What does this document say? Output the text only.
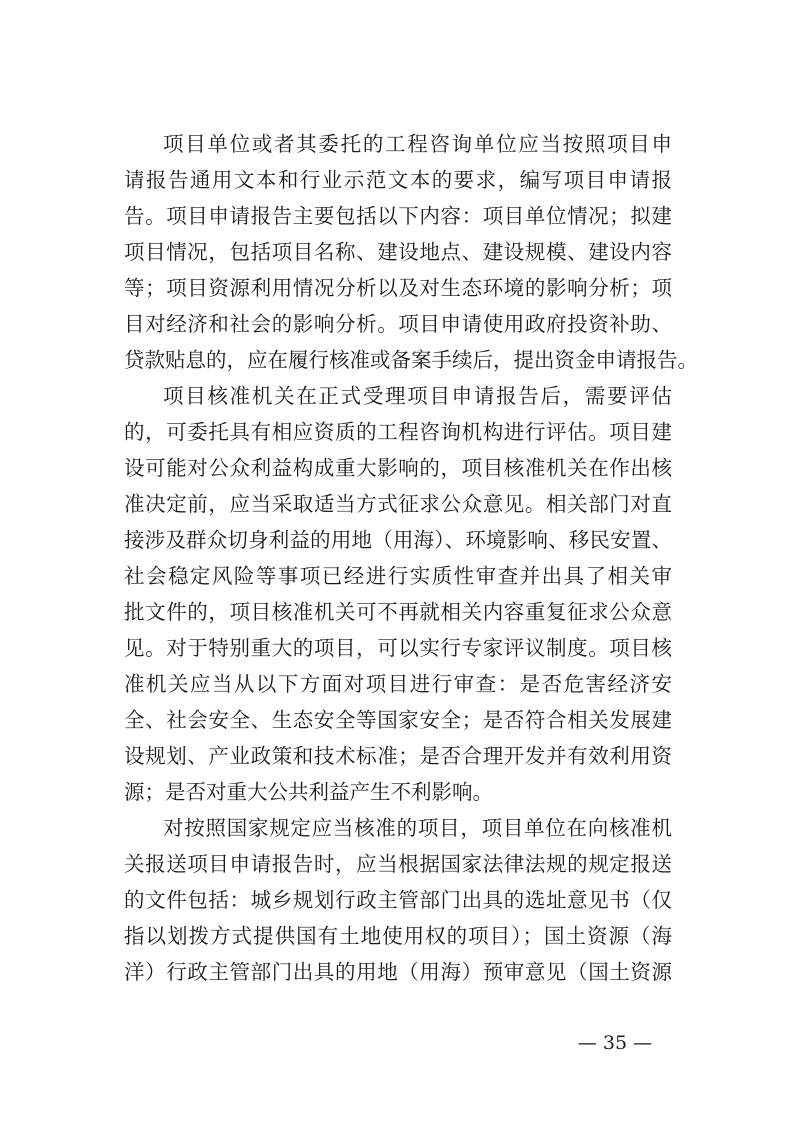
项目单位或者其委托的工程咨询单位应当按照项目申
请报告通用文本和行业示范文本的要求，编写项目申请报
告。项目申请报告主要包括以下内容：项目单位情况；拟建
项目情况，包括项目名称、建设地点、建设规模、建设内容
等；项目资源利用情况分析以及对生态环境的影响分析；项
目对经济和社会的影响分析。项目申请使用政府投资补助、
贷款贴息的，应在履行核准或备案手续后，提出资金申请报告。
项目核准机关在正式受理项目申请报告后，需要评估
的，可委托具有相应资质的工程咨询机构进行评估。项目建
设可能对公众利益构成重大影响的，项目核准机关在作出核
准决定前，应当采取适当方式征求公众意见。相关部门对直
接涉及群众切身利益的用地（用海）、环境影响、移民安置、
社会稳定风险等事项已经进行实质性审查并出具了相关审
批文件的，项目核准机关可不再就相关内容重复征求公众意
见。对于特别重大的项目，可以实行专家评议制度。项目核
准机关应当从以下方面对项目进行审查：是否危害经济安
全、社会安全、生态安全等国家安全；是否符合相关发展建
设规划、产业政策和技术标准；是否合理开发并有效利用资
源；是否对重大公共利益产生不利影响。
对按照国家规定应当核准的项目，项目单位在向核准机
关报送项目申请报告时，应当根据国家法律法规的规定报送
的文件包括：城乡规划行政主管部门出具的选址意见书（仅
指以划拨方式提供国有土地使用权的项目）；国土资源（海
洋）行政主管部门出具的用地（用海）预审意见（国土资源
— 35 —
